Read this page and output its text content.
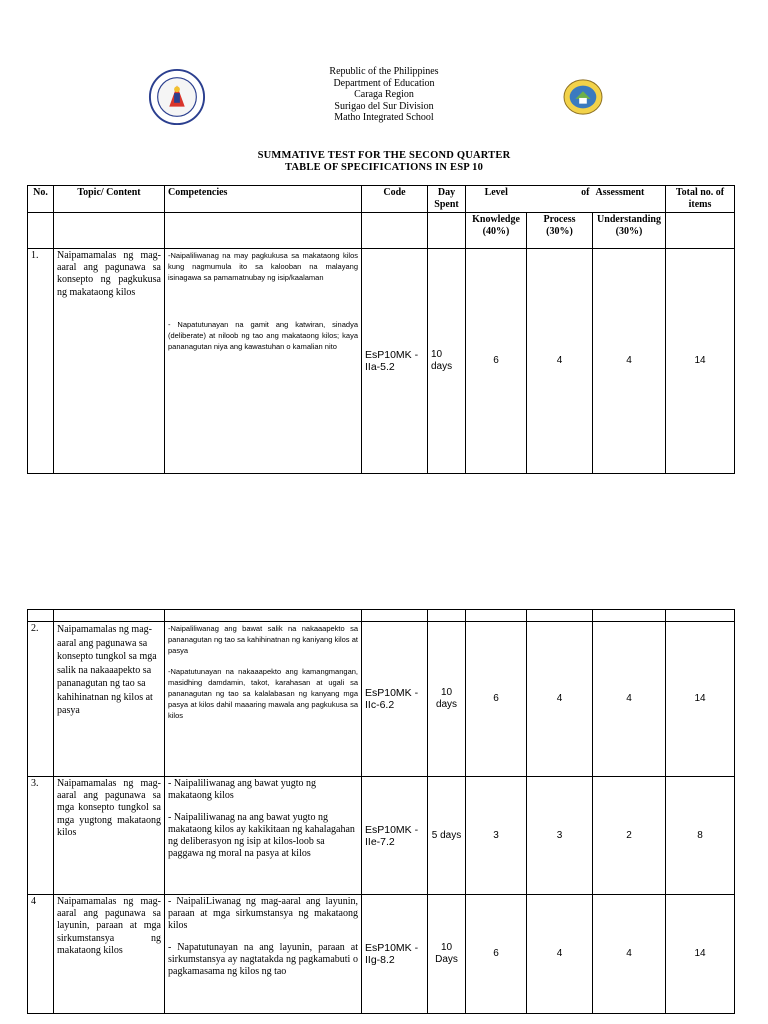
Republic of the Philippines
Department of Education
Caraga Region
Surigao del Sur Division
Matho Integrated School
SUMMATIVE TEST FOR THE SECOND QUARTER
TABLE OF SPECIFICATIONS IN ESP 10
No.	Topic/ Content	Competencies	Code	Day Spent	Level	of	Assessment	Total no. of items
					Knowledge (40%)	Process (30%)	Understanding (30%)	
1.	Naipamamalas ng mag-aaral ang pagunawa sa konsepto ng pagkukusa ng makataong kilos	-Naipaliliwanag na may pagkukusa sa makataong kilos kung nagmumula ito sa kalooban na malayang isinagawa sa pamamatnubay ng isip/kaalaman

- Napatutunayan na gamit ang katwiran, sinadya (deliberate) at niloob ng tao ang makataong kilos; kaya pananagutan niya ang kawastuhan o kamalian nito	EsP10MK -IIa-5.2	10 days	6	4	4	14

2.	Naipamamalas ng mag-aaral ang pagunawa sa konsepto tungkol sa mga salik na nakaaapekto sa pananagutan ng tao sa kahihinatnan ng kilos at pasya	-Naipaliliwanag ang bawat salik na nakaaapekto sa pananagutan ng tao sa kahihinatnan ng kaniyang kilos at pasya

-Napatutunayan na nakaaapekto ang kamangmangan, masidhing damdamin, takot, karahasan at ugali sa pananagutan ng tao sa kalalabasan ng kanyang mga pasya at kilos dahil maaaring mawala ang pagkukusa sa kilos	EsP10MK -IIc-6.2	10 days	6	4	4	14
3.	Naipamamalas ng mag-aaral ang pagunawa sa mga konsepto tungkol sa mga yugtong makataong kilos	- Naipaliliwanag ang bawat yugto ng makataong kilos

- Naipaliliwanag na ang bawat yugto ng makataong kilos ay kakikitaan ng kahalagahan ng deliberasyon ng isip at kilos-loob sa paggawa ng moral na pasya at kilos	EsP10MK -IIe-7.2	5 days	3	3	2	8
4	Naipamamalas ng mag-aaral ang pagunawa sa layunin, paraan at mga sirkumstansya ng makataong kilos	- NaipaliLiwanag ng mag-aaral ang layunin, paraan at mga sirkumstansya ng makataong kilos

- Napatutunayan na ang layunin, paraan at sirkumstansya ay nagtatakda ng pagkamabuti o pagkamasama ng kilos ng tao	EsP10MK -IIg-8.2	10 Days	6	4	4	14
